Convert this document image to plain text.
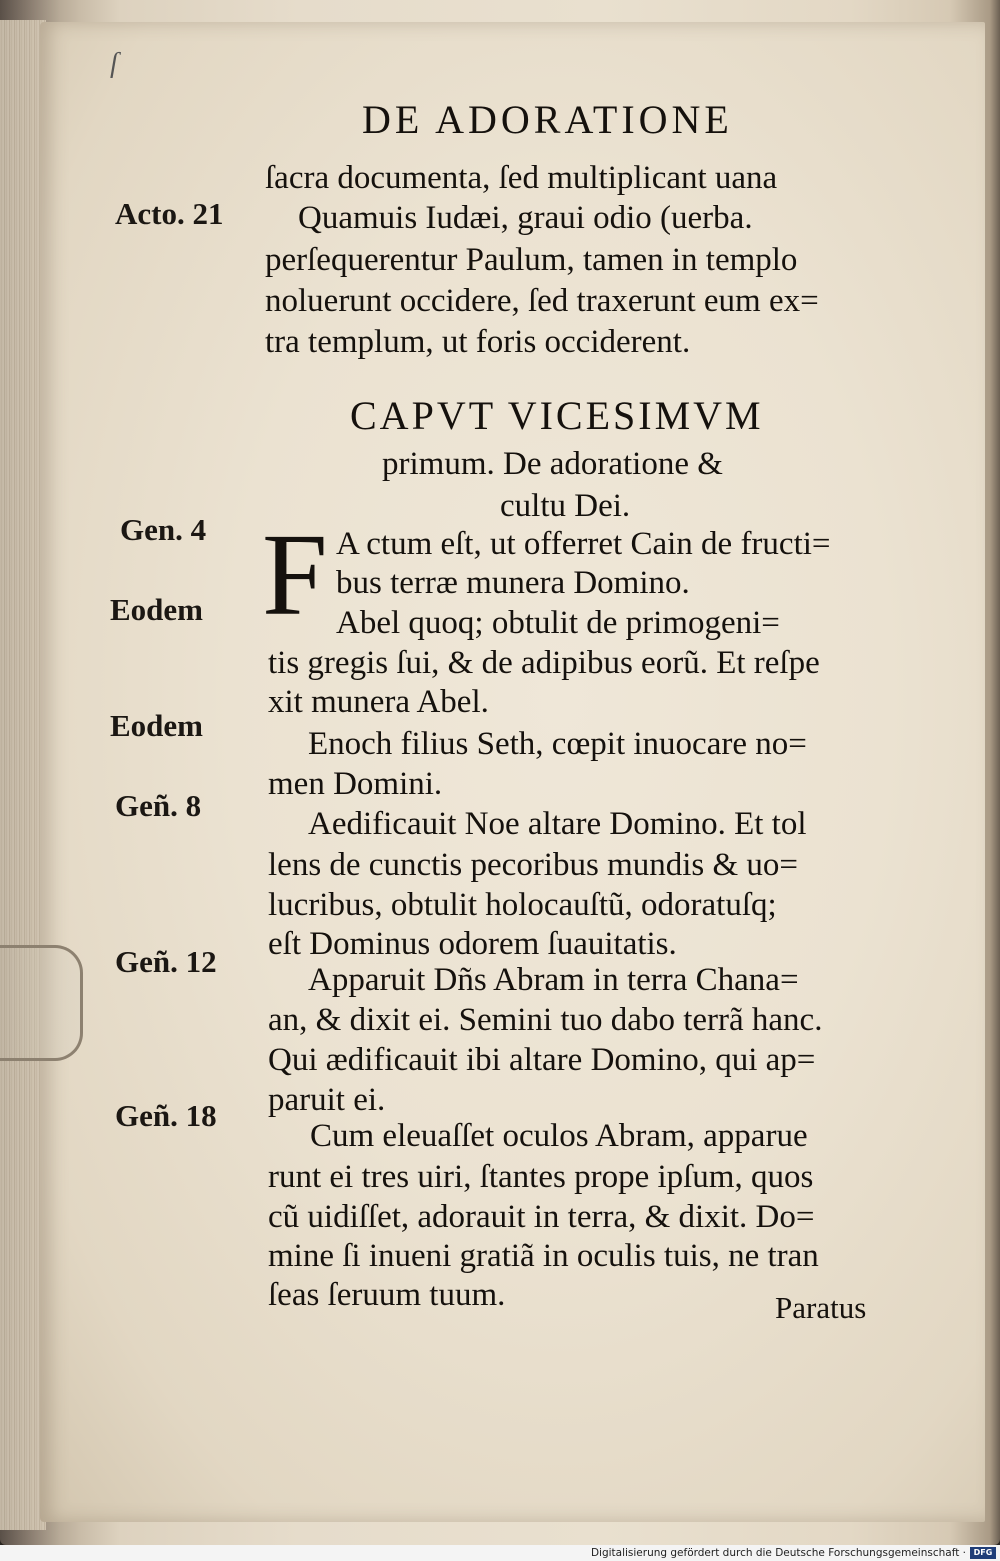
ſ
DE ADORATIONE
ſacra documenta, ſed multiplicant uana
Quamuis Iudæi, graui odio (uerba.
perſequerentur Paulum, tamen in templo
noluerunt occidere, ſed traxerunt eum ex=
tra templum, ut foris occiderent.
CAPVT VICESIMVM
primum. De adoratione &
cultu Dei.
F A ctum eſt, ut offerret Cain de fructi=
bus terræ munera Domino.
Abel quoq; obtulit de primogeni=
tis gregis ſui, & de adipibus eorũ. Et reſpe
xit munera Abel.
Enoch filius Seth, cœpit inuocare no=
men Domini.
Aedificauit Noe altare Domino. Et tol
lens de cunctis pecoribus mundis & uo=
lucribus, obtulit holocauſtũ, odoratuſq;
eſt Dominus odorem ſuauitatis.
Apparuit Dñs Abram in terra Chana=
an, & dixit ei. Semini tuo dabo terrã hanc.
Qui ædificauit ibi altare Domino, qui ap=
paruit ei.
Cum eleuaſſet oculos Abram, apparue
runt ei tres uiri, ſtantes prope ipſum, quos
cũ uidiſſet, adorauit in terra, & dixit. Do=
mine ſi inueni gratiã in oculis tuis, ne tran
ſeas ſeruum tuum.
Acto. 21
Gen. 4
Eodem
Eodem
Geñ. 8
Geñ. 12
Geñ. 18
Paratus
Digitalisierung gefördert durch die Deutsche Forschungsgemeinschaft · DFG
